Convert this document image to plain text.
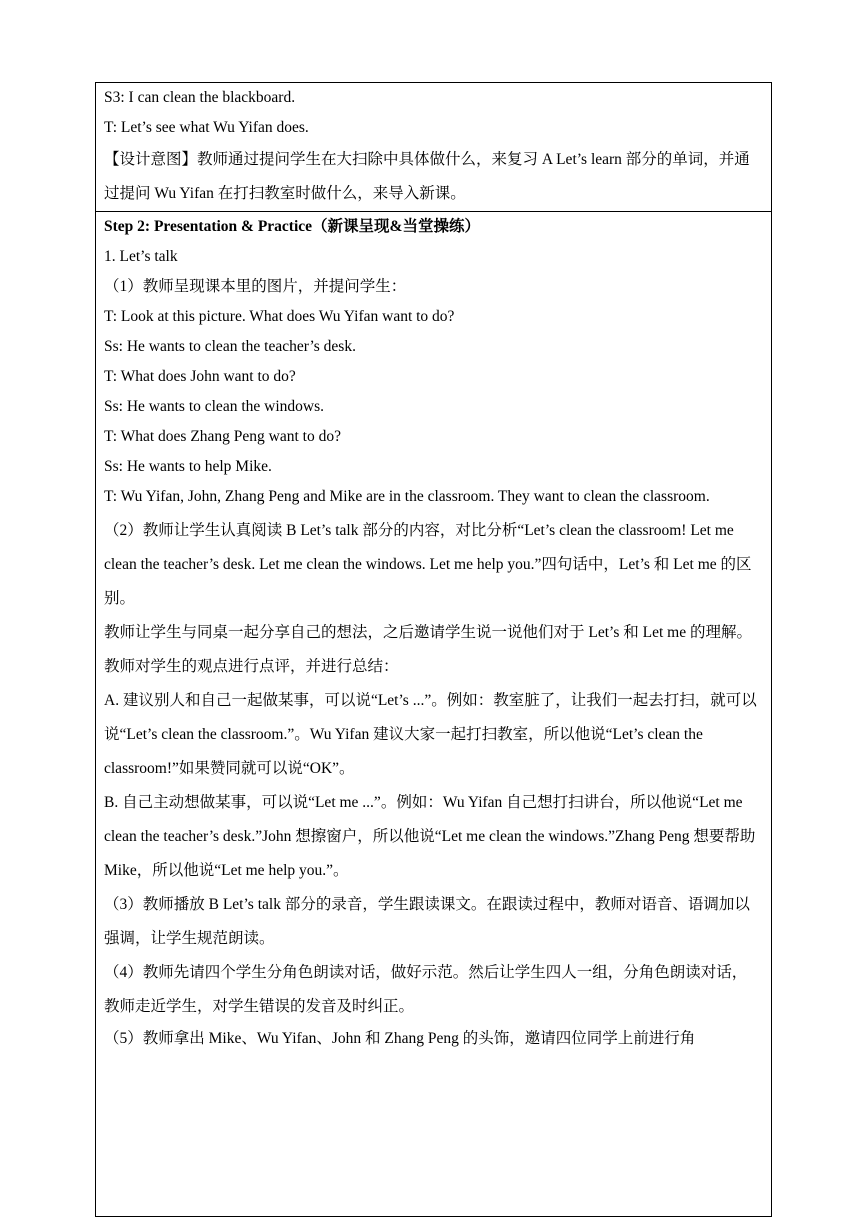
S3: I can clean the blackboard.
T: Let’s see what Wu Yifan does.
【设计意图】教师通过提问学生在大扫除中具体做什么，来复习 A Let’s learn 部分的单词，并通过提问 Wu Yifan 在打扫教室时做什么，来导入新课。

Step 2: Presentation & Practice（新课呈现&当堂操练）
1. Let’s talk
（1）教师呈现课本里的图片，并提问学生：
T: Look at this picture. What does Wu Yifan want to do?
Ss: He wants to clean the teacher’s desk.
T: What does John want to do?
Ss: He wants to clean the windows.
T: What does Zhang Peng want to do?
Ss: He wants to help Mike.
T: Wu Yifan, John, Zhang Peng and Mike are in the classroom. They want to clean the classroom.
（2）教师让学生认真阅读 B Let’s talk 部分的内容，对比分析“Let’s clean the classroom! Let me clean the teacher’s desk. Let me clean the windows. Let me help you.”四句话中，Let’s 和 Let me 的区别。
教师让学生与同桌一起分享自己的想法，之后邀请学生说一说他们对于 Let’s 和 Let me 的理解。
教师对学生的观点进行点评，并进行总结：
A. 建议别人和自己一起做某事，可以说“Let’s ...”。例如：教室脏了，让我们一起去打扫，就可以说“Let’s clean the classroom.”。Wu Yifan 建议大家一起打扫教室，所以他说“Let’s clean the classroom!”如果赞同就可以说“OK”。
B. 自己主动想做某事，可以说“Let me ...”。例如：Wu Yifan 自己想打扫讲台，所以他说“Let me clean the teacher’s desk.”John 想擦窗户，所以他说“Let me clean the windows.”Zhang Peng 想要帮助 Mike，所以他说“Let me help you.”。
（3）教师播放 B Let’s talk 部分的录音，学生跟读课文。在跟读过程中，教师对语音、语调加以强调，让学生规范朗读。
（4）教师先请四个学生分角色朗读对话，做好示范。然后让学生四人一组，分角色朗读对话，教师走近学生，对学生错误的发音及时纠正。
（5）教师拿出 Mike、Wu Yifan、John 和 Zhang Peng 的头饰，邀请四位同学上前进行角
